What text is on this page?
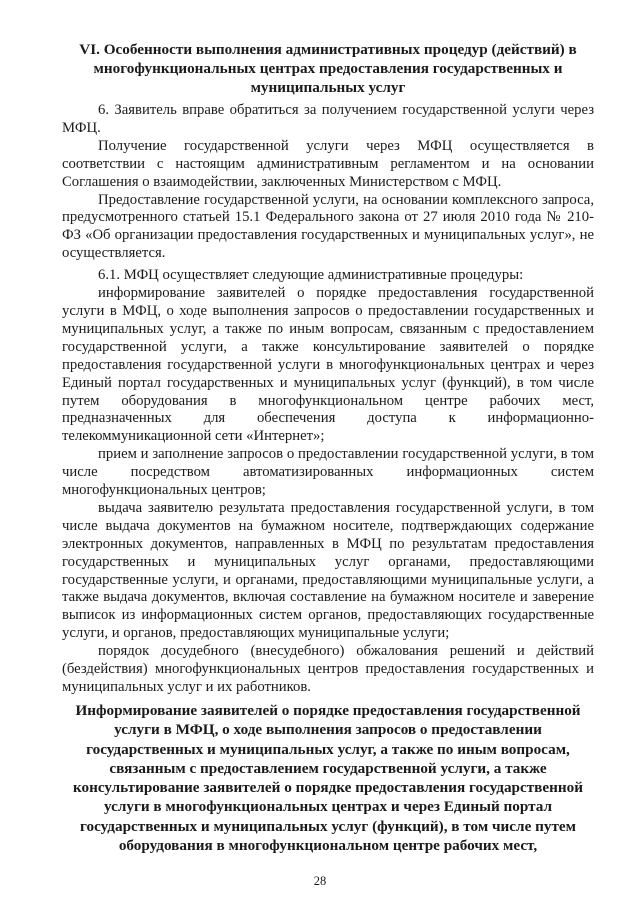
VI. Особенности выполнения административных процедур (действий) в многофункциональных центрах предоставления государственных и муниципальных услуг

6. Заявитель вправе обратиться за получением государственной услуги через МФЦ.

Получение государственной услуги через МФЦ осуществляется в соответствии с настоящим административным регламентом и на основании Соглашения о взаимодействии, заключенных Министерством с МФЦ.

Предоставление государственной услуги, на основании комплексного запроса, предусмотренного статьей 15.1 Федерального закона от 27 июля 2010 года № 210-ФЗ «Об организации предоставления государственных и муниципальных услуг», не осуществляется.

6.1. МФЦ осуществляет следующие административные процедуры:

информирование заявителей о порядке предоставления государственной услуги в МФЦ, о ходе выполнения запросов о предоставлении государственных и муниципальных услуг, а также по иным вопросам, связанным с предоставлением государственной услуги, а также консультирование заявителей о порядке предоставления государственной услуги в многофункциональных центрах и через Единый портал государственных и муниципальных услуг (функций), в том числе путем оборудования в многофункциональном центре рабочих мест, предназначенных для обеспечения доступа к информационно-телекоммуникационной сети «Интернет»;

прием и заполнение запросов о предоставлении государственной услуги, в том числе посредством автоматизированных информационных систем многофункциональных центров;

выдача заявителю результата предоставления государственной услуги, в том числе выдача документов на бумажном носителе, подтверждающих содержание электронных документов, направленных в МФЦ по результатам предоставления государственных и муниципальных услуг органами, предоставляющими государственные услуги, и органами, предоставляющими муниципальные услуги, а также выдача документов, включая составление на бумажном носителе и заверение выписок из информационных систем органов, предоставляющих государственные услуги, и органов, предоставляющих муниципальные услуги;

порядок досудебного (внесудебного) обжалования решений и действий (бездействия) многофункциональных центров предоставления государственных и муниципальных услуг и их работников.

Информирование заявителей о порядке предоставления государственной услуги в МФЦ, о ходе выполнения запросов о предоставлении государственных и муниципальных услуг, а также по иным вопросам, связанным с предоставлением государственной услуги, а также консультирование заявителей о порядке предоставления государственной услуги в многофункциональных центрах и через Единый портал государственных и муниципальных услуг (функций), в том числе путем оборудования в многофункциональном центре рабочих мест,
28
